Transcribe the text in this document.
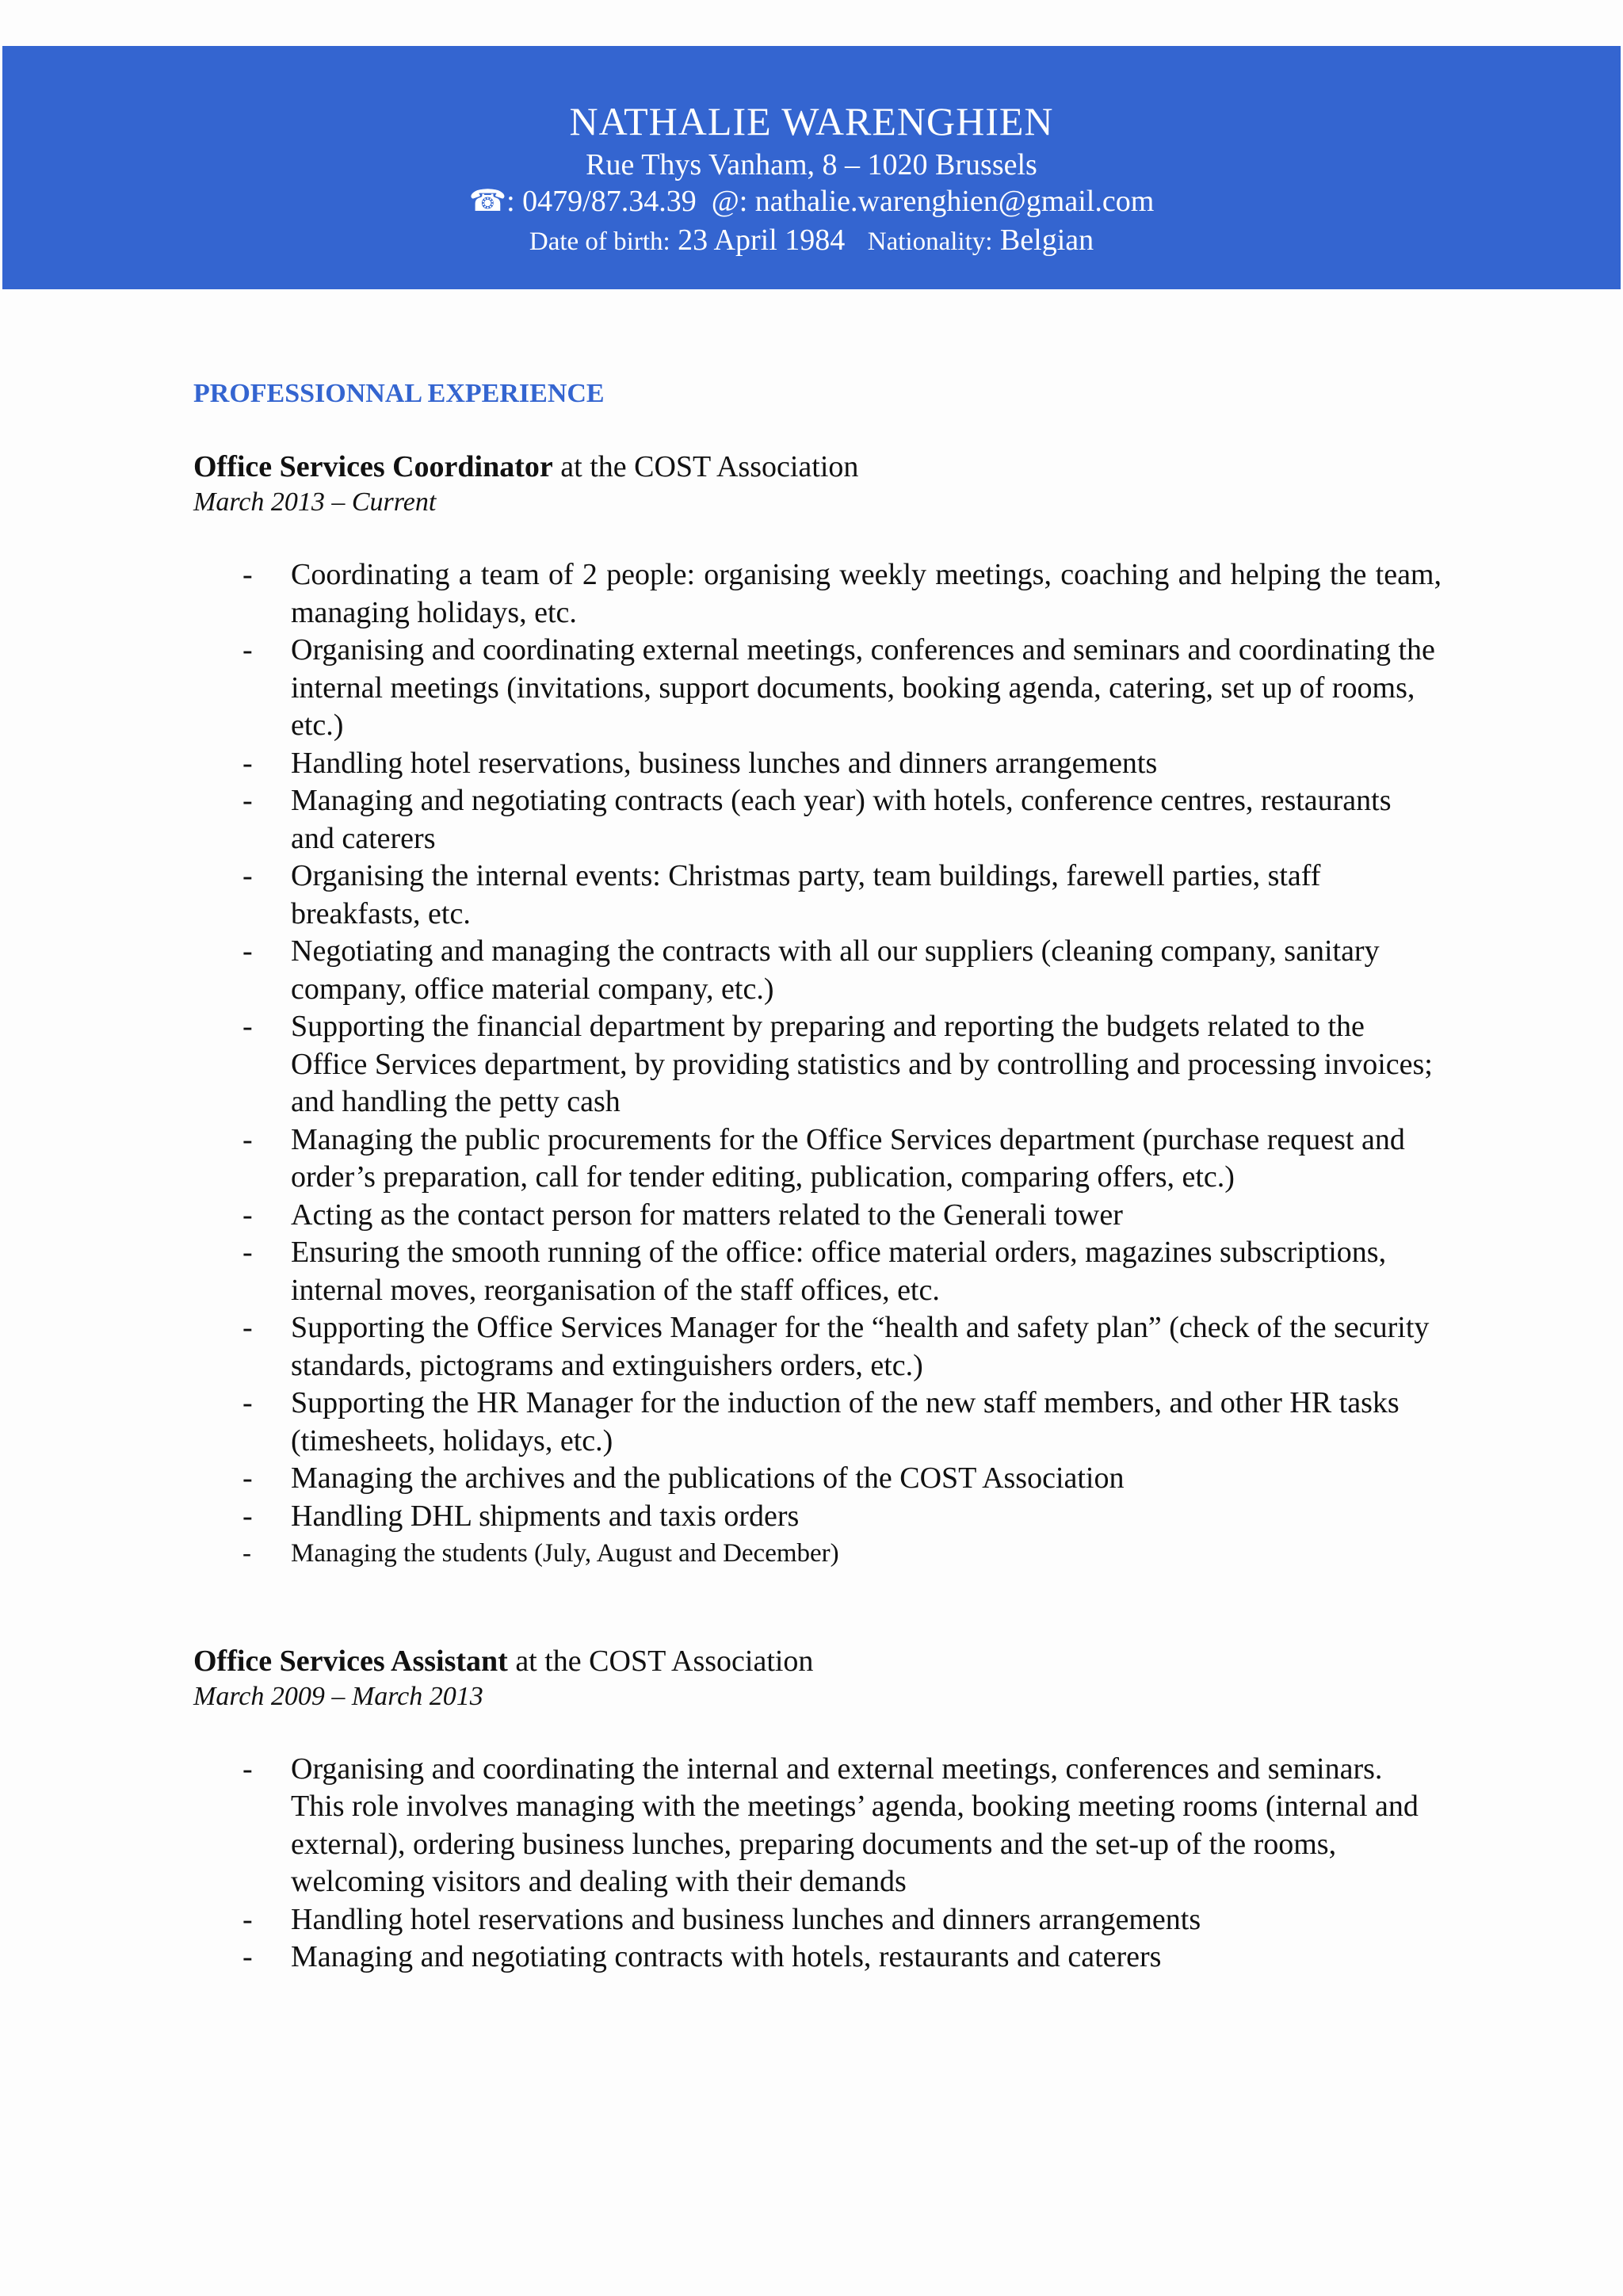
NATHALIE WARENGHIEN
Rue Thys Vanham, 8 – 1020 Brussels
☎: 0479/87.34.39 @: nathalie.warenghien@gmail.com
Date of birth: 23 April 1984 Nationality: Belgian
PROFESSIONNAL EXPERIENCE

Office Services Coordinator at the COST Association

March 2013 – Current

- Coordinating a team of 2 people: organising weekly meetings, coaching and helping the team, managing holidays, etc.
- Organising and coordinating external meetings, conferences and seminars and coordinating the internal meetings (invitations, support documents, booking agenda, catering, set up of rooms, etc.)
- Handling hotel reservations, business lunches and dinners arrangements
- Managing and negotiating contracts (each year) with hotels, conference centres, restaurants and caterers
- Organising the internal events: Christmas party, team buildings, farewell parties, staff breakfasts, etc.
- Negotiating and managing the contracts with all our suppliers (cleaning company, sanitary company, office material company, etc.)
- Supporting the financial department by preparing and reporting the budgets related to the Office Services department, by providing statistics and by controlling and processing invoices; and handling the petty cash
- Managing the public procurements for the Office Services department (purchase request and order’s preparation, call for tender editing, publication, comparing offers, etc.)
- Acting as the contact person for matters related to the Generali tower
- Ensuring the smooth running of the office: office material orders, magazines subscriptions, internal moves, reorganisation of the staff offices, etc.
- Supporting the Office Services Manager for the “health and safety plan” (check of the security standards, pictograms and extinguishers orders, etc.)
- Supporting the HR Manager for the induction of the new staff members, and other HR tasks (timesheets, holidays, etc.)
- Managing the archives and the publications of the COST Association
- Handling DHL shipments and taxis orders
- Managing the students (July, August and December)

Office Services Assistant at the COST Association

March 2009 – March 2013

- Organising and coordinating the internal and external meetings, conferences and seminars.
This role involves managing with the meetings’ agenda, booking meeting rooms (internal and external), ordering business lunches, preparing documents and the set-up of the rooms, welcoming visitors and dealing with their demands
- Handling hotel reservations and business lunches and dinners arrangements
- Managing and negotiating contracts with hotels, restaurants and caterers
